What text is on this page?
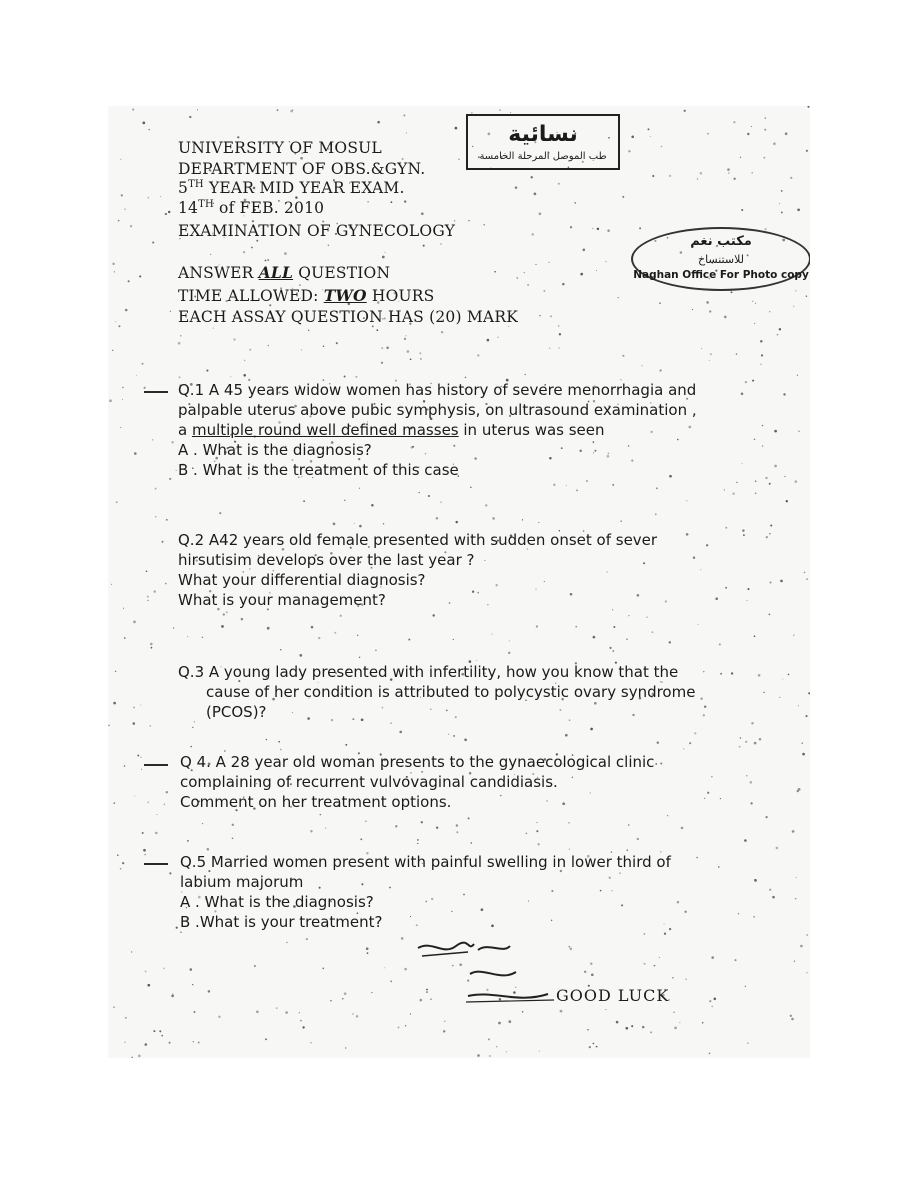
UNIVERSITY OF MOSUL
DEPARTMENT OF OBS.&GYN.
5TH YEAR MID YEAR EXAM.
14TH of FEB. 2010
EXAMINATION OF GYNECOLOGY
ANSWER ALL QUESTION
TIME ALLOWED: TWO HOURS
EACH ASSAY QUESTION HAS (20) MARK
نسائية
طب الموصل المرحلة الخامسة
مكتب نغم
للاستنساخ
Naghan Office For Photo copy
Q.1 A 45 years widow women has history of severe menorrhagia and
palpable uterus above pubic symphysis, on ultrasound examination ,
a multiple round well defined masses in uterus was seen
A . What is the diagnosis?
B . What is the treatment of this case
Q.2 A42 years old female presented with sudden onset of sever
hirsutisim develops over the last year ?
What your differential diagnosis?
What is your management?
Q.3 A young lady presented with infertility, how you know that the
cause of her condition is attributed to polycystic ovary syndrome
(PCOS)?
Q 4. A 28 year old woman presents to the gynaecological clinic
complaining of recurrent vulvovaginal candidiasis.
Comment on her treatment options.
Q.5 Married women present with painful swelling in lower third of
labium majorum
A . What is the diagnosis?
B .What is your treatment?
GOOD LUCK
